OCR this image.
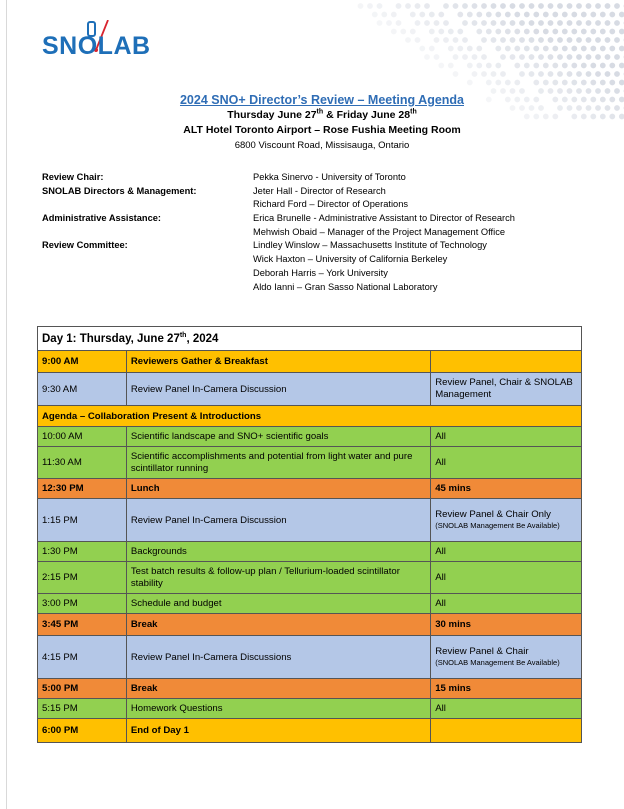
SNOLAB
2024 SNO+ Director’s Review – Meeting Agenda
Thursday June 27th & Friday June 28th
ALT Hotel Toronto Airport – Rose Fushia Meeting Room
6800 Viscount Road, Missisauga, Ontario
Review Chair:	Pekka Sinervo - University of Toronto
SNOLAB Directors & Management:	Jeter Hall - Director of Research
Richard Ford – Director of Operations
Administrative Assistance:	Erica Brunelle - Administrative Assistant to Director of Research
Mehwish Obaid – Manager of the Project Management Office
Review Committee:	Lindley Winslow – Massachusetts Institute of Technology
Wick Haxton – University of California Berkeley
Deborah Harris – York University
Aldo Ianni – Gran Sasso National Laboratory
Day 1: Thursday, June 27th, 2024		
9:00 AM	Reviewers Gather & Breakfast	
9:30 AM	Review Panel In-Camera Discussion	Review Panel, Chair & SNOLAB Management

Agenda – Collaboration Present & Introductions		
10:00 AM	Scientific landscape and SNO+ scientific goals	All
11:30 AM	Scientific accomplishments and potential from light water and pure scintillator running	All
12:30 PM	Lunch	45 mins
1:15 PM	Review Panel In-Camera Discussion	Review Panel & Chair Only
(SNOLAB Management Be Available)

1:30 PM	Backgrounds	All
2:15 PM	Test batch results & follow-up plan / Tellurium-loaded scintillator stability	All
3:00 PM	Schedule and budget	All
3:45 PM	Break	30 mins
4:15 PM	Review Panel In-Camera Discussions	Review Panel & Chair
(SNOLAB Management Be Available)

5:00 PM	Break	15 mins
5:15 PM	Homework Questions	All
6:00 PM	End of Day 1	
